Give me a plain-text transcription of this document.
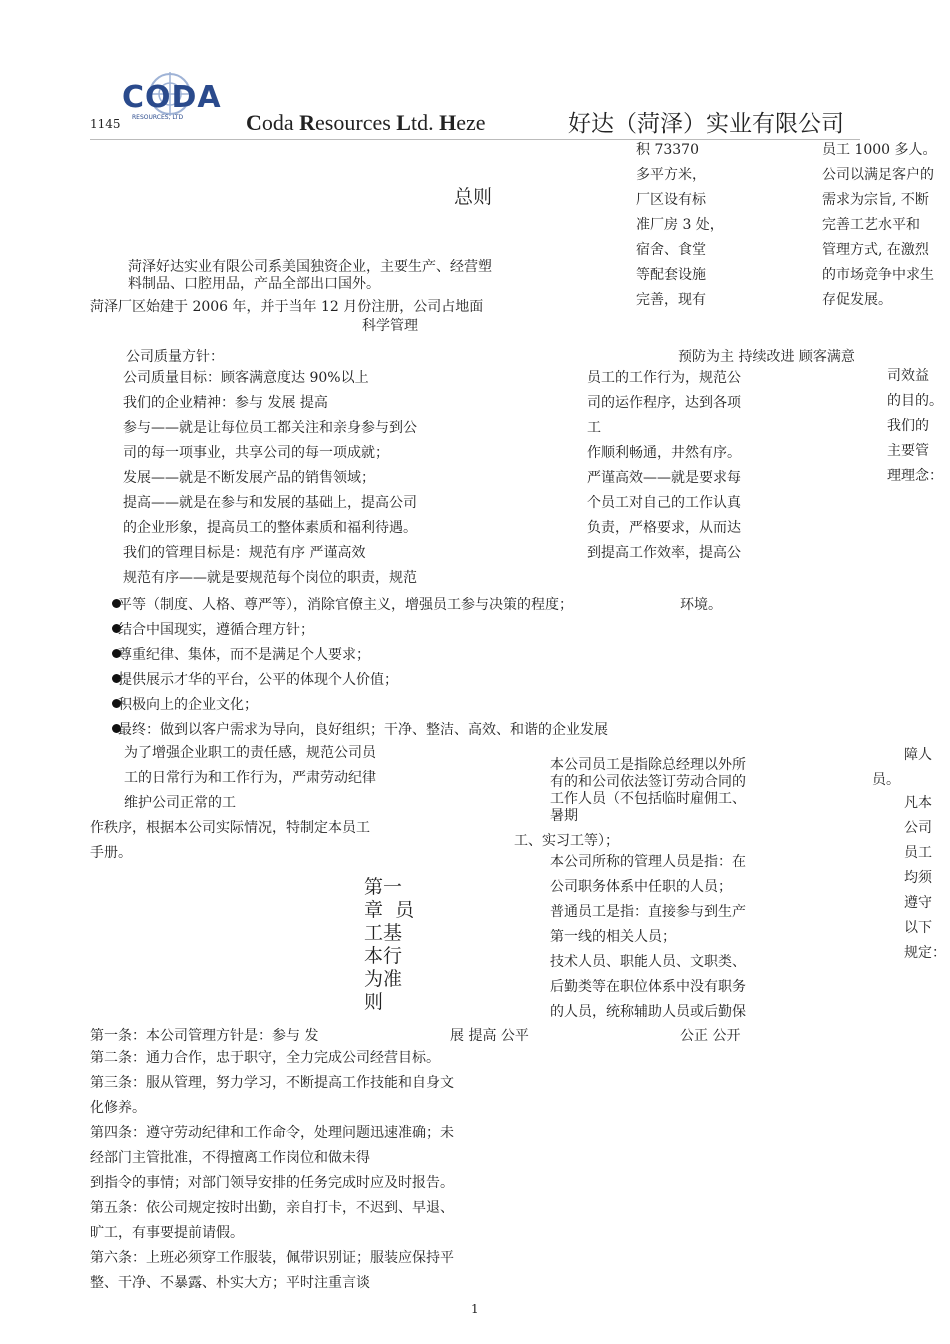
1145
CODA
RESOURCES, LTD	Coda Resources Ltd. Heze	好达（菏泽）实业有限公司
积 73370
多平方米，
厂区设有标
准厂房 3 处，
宿舍、食堂
等配套设施
完善，现有
员工 1000 多人。
公司以满足客户的
需求为宗旨, 不断
完善工艺水平和
管理方式, 在激烈
的市场竞争中求生
存促发展。
总则
菏泽好达实业有限公司系美国独资企业，主要生产、经营塑
料制品、口腔用品，产品全部出口国外。
菏泽厂区始建于 2006 年，并于当年 12 月份注册，公司占地面
科学管理
公司质量方针：	预防为主 持续改进 顾客满意
公司质量目标：顾客满意度达 90%以上
我们的企业精神：参与 发展 提高
参与——就是让每位员工都关注和亲身参与到公
司的每一项事业，共享公司的每一项成就；
发展——就是不断发展产品的销售领域；
提高——就是在参与和发展的基础上，提高公司
的企业形象，提高员工的整体素质和福利待遇。
我们的管理目标是：规范有序 严谨高效
规范有序——就是要规范每个岗位的职责，规范
员工的工作行为，规范公
司的运作程序，达到各项
工
作顺利畅通，井然有序。
严谨高效——就是要求每
个员工对自己的工作认真
负责，严格要求，从而达
到提高工作效率，提高公
司效益
的目的。
我们的
主要管
理理念：
平等（制度、人格、尊严等），消除官僚主义，增强员工参与决策的程度；	环境。
结合中国现实，遵循合理方针；
尊重纪律、集体，而不是满足个人要求；
提供展示才华的平台，公平的体现个人价值；
积极向上的企业文化；
最终：做到以客户需求为导向，良好组织；干净、整洁、高效、和谐的企业发展
为了增强企业职工的责任感，规范公司员
工的日常行为和工作行为，严肃劳动纪律
维护公司正常的工
作秩序，根据本公司实际情况，特制定本员工
手册。
第一
章  员
工基
本行
为准
则
本公司员工是指除总经理以外所
有的和公司依法签订劳动合同的
工作人员（不包括临时雇佣工、
暑期
工、实习工等）；
本公司所称的管理人员是指：在
公司职务体系中任职的人员；
普通员工是指：直接参与到生产
第一线的相关人员；
技术人员、职能人员、文职类、
后勤类等在职位体系中没有职务
的人员，统称辅助人员或后勤保
障人
员。
凡本
公司
员工
均须
遵守
以下
规定：
第一条：本公司管理方针是：参与 发	展 提高 公平	公正 公开
第二条：通力合作，忠于职守，全力完成公司经营目标。
第三条：服从管理，努力学习，不断提高工作技能和自身文
化修养。
第四条：遵守劳动纪律和工作命令，处理问题迅速准确；未
经部门主管批准，不得擅离工作岗位和做未得
到指令的事情；对部门领导安排的任务完成时应及时报告。
第五条：依公司规定按时出勤，亲自打卡，不迟到、早退、
旷工，有事要提前请假。
第六条：上班必须穿工作服装，佩带识别证；服装应保持平
整、干净、不暴露、朴实大方；平时注重言谈
1
